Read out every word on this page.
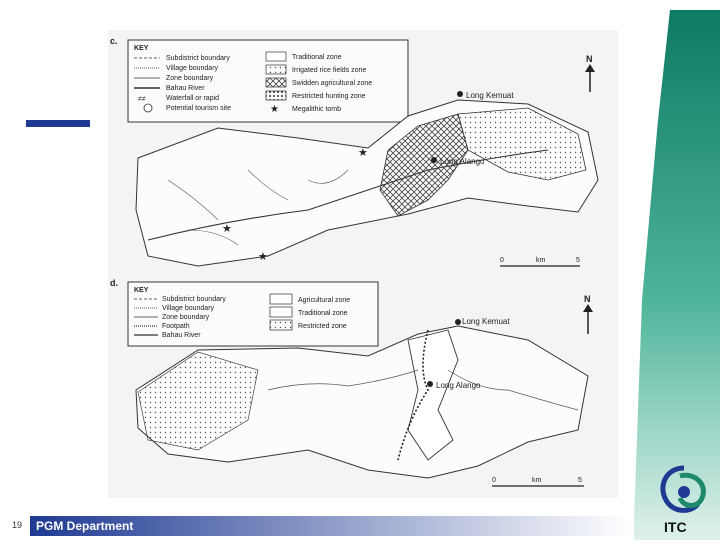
c.
KEY
≠≠
Subdistrict boundary
Village boundary
Zone boundary
Bahau River
Waterfall or rapid
Potential tourism site	★
Traditional zone
Irrigated rice fields zone
Swidden agricultural zone
Restricted hunting zone
Megalithic tomb
N
Long Kemuat
Long Alango
★
★
★	0	km	5
d.
KEY
Subdistrict boundary
Village boundary
Zone boundary
Footpath
Bahau River
Agricultural zone
Traditional zone
Restricted zone
N
Long Kemuat
Long Alango
0	km	5
19 PGM Department	ITC
